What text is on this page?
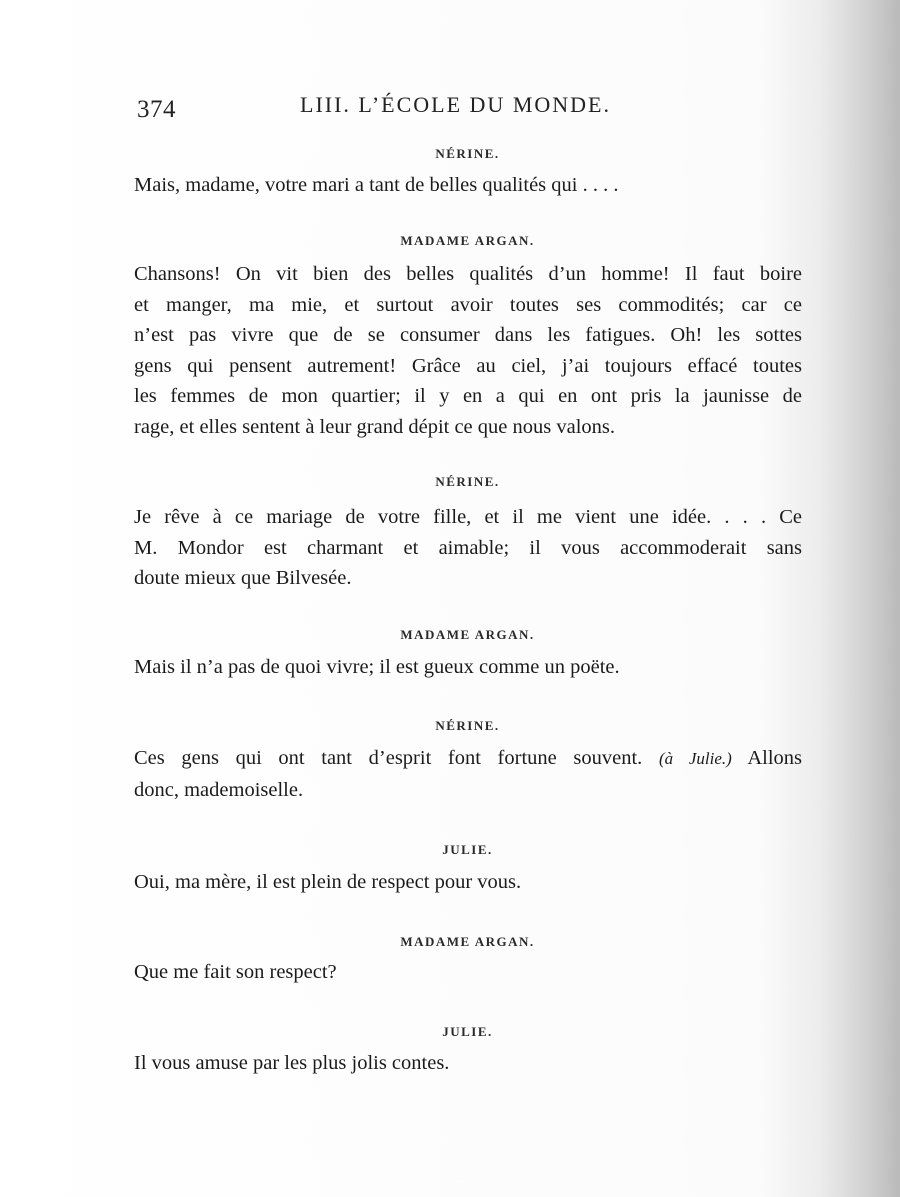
374	LIII. L’ÉCOLE DU MONDE.
NÉRINE.
Mais, madame, votre mari a tant de belles qualités qui . . . .
MADAME ARGAN.
Chansons! On vit bien des belles qualités d’un homme! Il faut boire
et manger, ma mie, et surtout avoir toutes ses commodités; car ce
n’est pas vivre que de se consumer dans les fatigues. Oh! les sottes
gens qui pensent autrement! Grâce au ciel, j’ai toujours effacé toutes
les femmes de mon quartier; il y en a qui en ont pris la jaunisse de
rage, et elles sentent à leur grand dépit ce que nous valons.
NÉRINE.
Je rêve à ce mariage de votre fille, et il me vient une idée. . . . Ce
M. Mondor est charmant et aimable; il vous accommoderait sans
doute mieux que Bilvesée.
MADAME ARGAN.
Mais il n’a pas de quoi vivre; il est gueux comme un poëte.
NÉRINE.
Ces gens qui ont tant d’esprit font fortune souvent. (à Julie.) Allons
donc, mademoiselle.
JULIE.
Oui, ma mère, il est plein de respect pour vous.
MADAME ARGAN.
Que me fait son respect?
JULIE.
Il vous amuse par les plus jolis contes.
